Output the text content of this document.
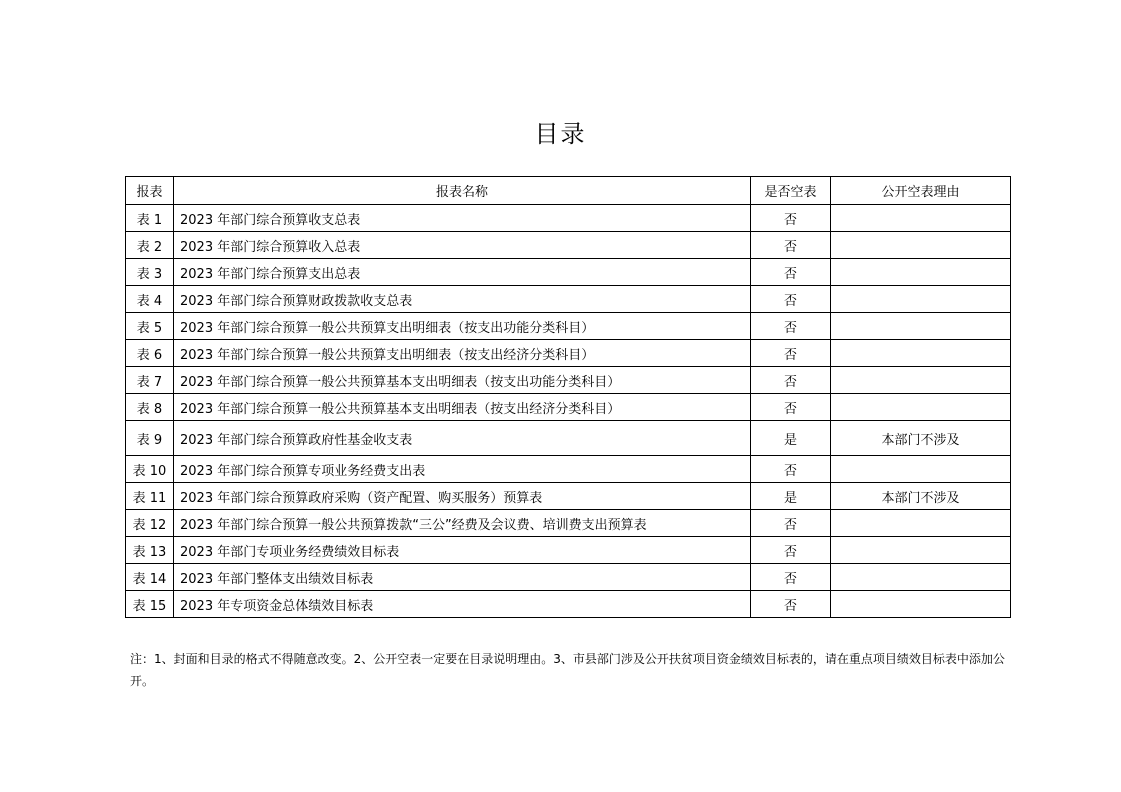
目录
报表	报表名称	是否空表	公开空表理由
表 1	2023 年部门综合预算收支总表	否	
表 2	2023 年部门综合预算收入总表	否	
表 3	2023 年部门综合预算支出总表	否	
表 4	2023 年部门综合预算财政拨款收支总表	否	
表 5	2023 年部门综合预算一般公共预算支出明细表（按支出功能分类科目）	否	
表 6	2023 年部门综合预算一般公共预算支出明细表（按支出经济分类科目）	否	
表 7	2023 年部门综合预算一般公共预算基本支出明细表（按支出功能分类科目）	否	
表 8	2023 年部门综合预算一般公共预算基本支出明细表（按支出经济分类科目）	否	
表 9	2023 年部门综合预算政府性基金收支表	是	本部门不涉及
表 10	2023 年部门综合预算专项业务经费支出表	否	
表 11	2023 年部门综合预算政府采购（资产配置、购买服务）预算表	是	本部门不涉及
表 12	2023 年部门综合预算一般公共预算拨款“三公”经费及会议费、培训费支出预算表	否	
表 13	2023 年部门专项业务经费绩效目标表	否	
表 14	2023 年部门整体支出绩效目标表	否	
表 15	2023 年专项资金总体绩效目标表	否	
注：1、封面和目录的格式不得随意改变。2、公开空表一定要在目录说明理由。3、市县部门涉及公开扶贫项目资金绩效目标表的，请在重点项目绩效目标表中添加公开。
